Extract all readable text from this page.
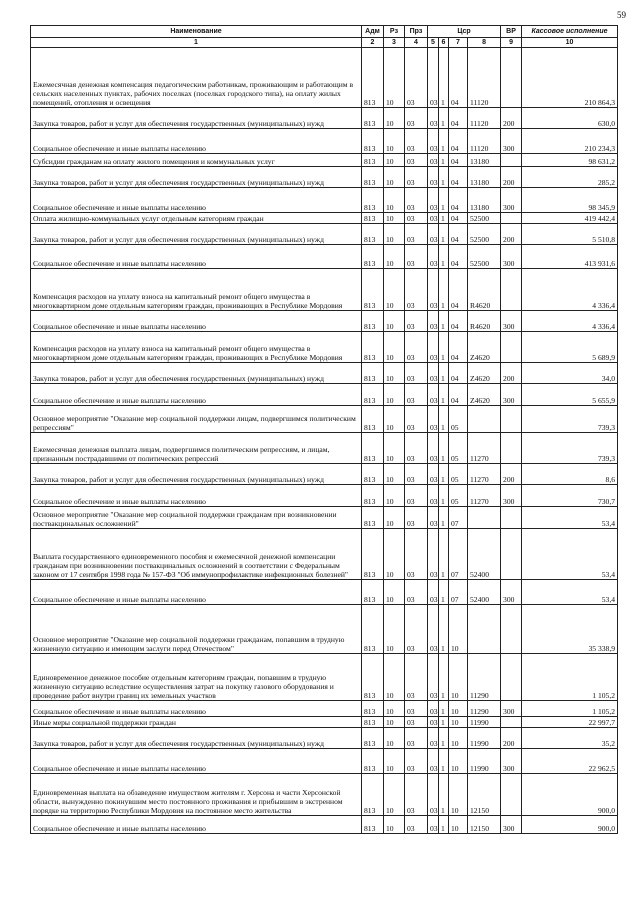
59
Наименование	Адм	Рз	Прз	Цср				ВР	Кассовое исполнение
1	2	3	4	5	6	7	8	9	10
Ежемесячная денежная компенсация педагогическим работникам, проживающим и работающим в сельских населенных пунктах, рабочих поселках (поселках городского типа), на оплату жилых помещений, отопления и освещения	813	10	03	03	1	04	11120		210 864,3
Закупка товаров, работ и услуг для обеспечения государственных (муниципальных) нужд	813	10	03	03	1	04	11120	200	630,0
Социальное обеспечение и иные выплаты населению	813	10	03	03	1	04	11120	300	210 234,3
Субсидии гражданам на оплату жилого помещения и коммунальных услуг	813	10	03	03	1	04	13180		98 631,2
Закупка товаров, работ и услуг для обеспечения государственных (муниципальных) нужд	813	10	03	03	1	04	13180	200	285,2
Социальное обеспечение и иные выплаты населению	813	10	03	03	1	04	13180	300	98 345,9
Оплата жилищно-коммунальных услуг отдельным категориям граждан	813	10	03	03	1	04	52500		419 442,4
Закупка товаров, работ и услуг для обеспечения государственных (муниципальных) нужд	813	10	03	03	1	04	52500	200	5 510,8
Социальное обеспечение и иные выплаты населению	813	10	03	03	1	04	52500	300	413 931,6
Компенсация расходов на уплату взноса на капитальный ремонт общего имущества в многоквартирном доме отдельным категориям граждан, проживающих в Республике Мордовия	813	10	03	03	1	04	R4620		4 336,4
Социальное обеспечение и иные выплаты населению	813	10	03	03	1	04	R4620	300	4 336,4
Компенсация расходов на уплату взноса на капитальный ремонт общего имущества в многоквартирном доме отдельным категориям граждан, проживающих в Республике Мордовия	813	10	03	03	1	04	Z4620		5 689,9
Закупка товаров, работ и услуг для обеспечения государственных (муниципальных) нужд	813	10	03	03	1	04	Z4620	200	34,0
Социальное обеспечение и иные выплаты населению	813	10	03	03	1	04	Z4620	300	5 655,9
Основное мероприятие "Оказание мер социальной поддержки лицам, подвергшимся политическим репрессиям"	813	10	03	03	1	05			739,3
Ежемесячная денежная выплата лицам, подвергшимся политическим репрессиям, и лицам, признанным пострадавшими от политических репрессий	813	10	03	03	1	05	11270		739,3
Закупка товаров, работ и услуг для обеспечения государственных (муниципальных) нужд	813	10	03	03	1	05	11270	200	8,6
Социальное обеспечение и иные выплаты населению	813	10	03	03	1	05	11270	300	730,7
Основное мероприятие "Оказание мер социальной поддержки гражданам при возникновении поствакцинальных осложнений"	813	10	03	03	1	07			53,4
Выплата государственного единовременного пособия и ежемесячной денежной компенсации гражданам при возникновении поствакцинальных осложнений в соответствии с Федеральным законом от 17 сентября 1998 года № 157-ФЗ "Об иммунопрофилактике инфекционных болезней"	813	10	03	03	1	07	52400		53,4
Социальное обеспечение и иные выплаты населению	813	10	03	03	1	07	52400	300	53,4
Основное мероприятие "Оказание мер социальной поддержки гражданам, попавшим в трудную жизненную ситуацию и имеющим заслуги перед Отечеством"	813	10	03	03	1	10			35 338,9
Единовременное денежное пособие отдельным категориям граждан, попавшим в трудную жизненную ситуацию вследствие осуществления затрат на покупку газового оборудования и проведение работ внутри границ их земельных участков	813	10	03	03	1	10	11290		1 105,2
Социальное обеспечение и иные выплаты населению	813	10	03	03	1	10	11290	300	1 105,2
Иные меры социальной поддержки граждан	813	10	03	03	1	10	11990		22 997,7
Закупка товаров, работ и услуг для обеспечения государственных (муниципальных) нужд	813	10	03	03	1	10	11990	200	35,2
Социальное обеспечение и иные выплаты населению	813	10	03	03	1	10	11990	300	22 962,5
Единовременная выплата на обзаведение имуществом жителям г. Херсона и части Херсонской области, вынужденно покинувшим место постоянного проживания и прибывшим в экстренном порядке на территорию Республики Мордовия на постоянное место жительства	813	10	03	03	1	10	12150		900,0
Социальное обеспечение и иные выплаты населению	813	10	03	03	1	10	12150	300	900,0
